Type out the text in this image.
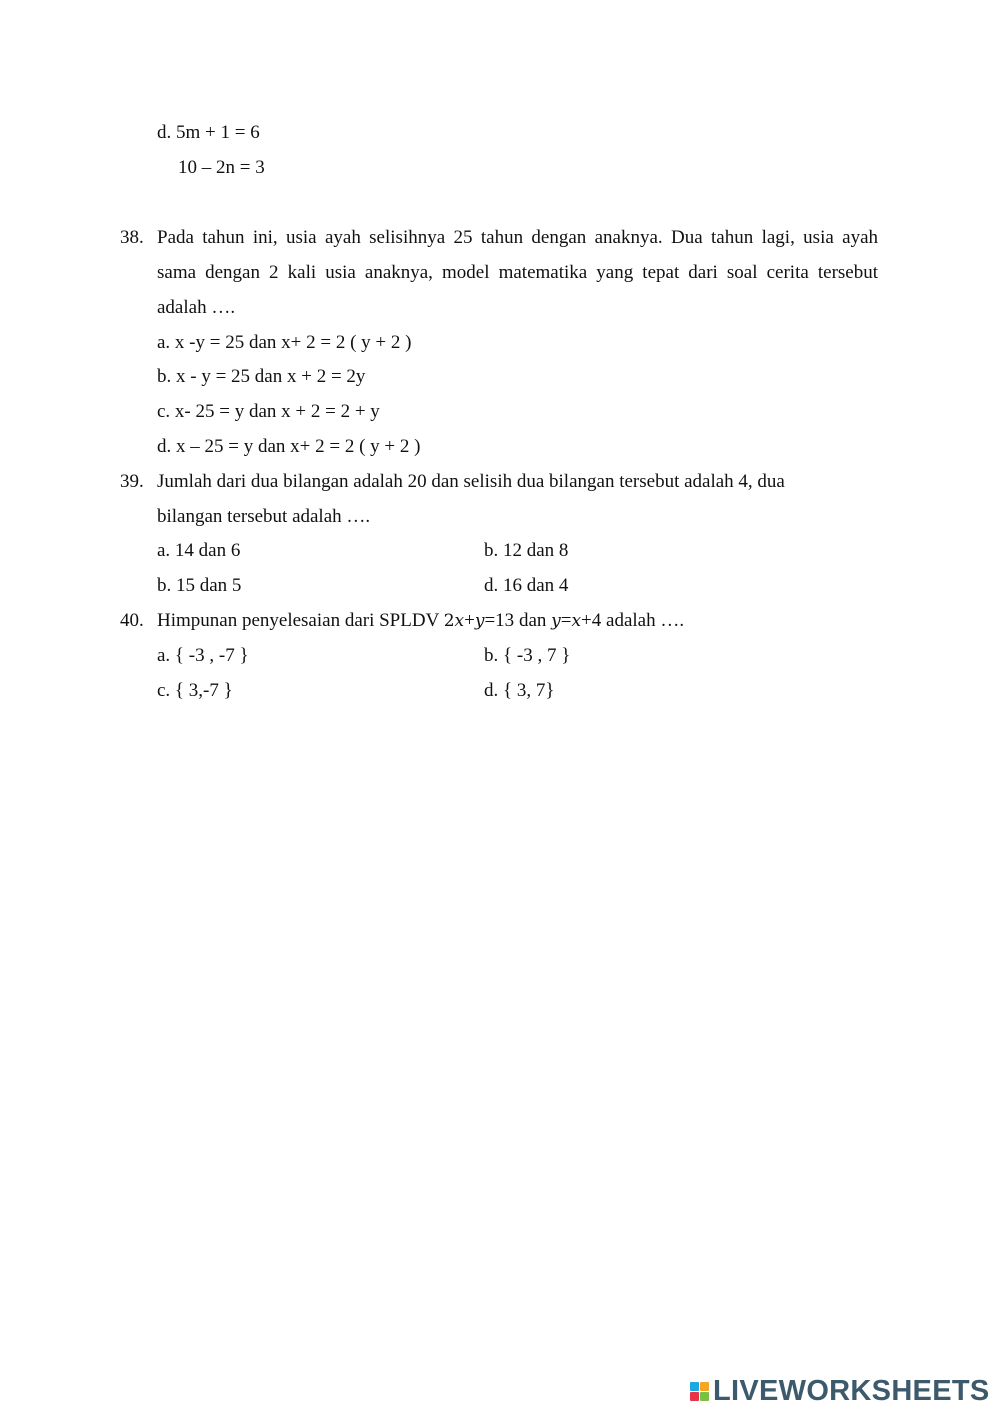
d. 5m + 1 = 6
10 – 2n = 3
38. Pada tahun ini, usia ayah selisihnya 25 tahun dengan anaknya. Dua tahun lagi, usia ayah
sama dengan 2 kali usia anaknya, model matematika yang tepat dari soal cerita tersebut
adalah ….
a. x -y = 25 dan x+ 2 = 2 ( y + 2 )
b. x - y = 25 dan x + 2 = 2y
c. x- 25 = y dan x + 2 = 2 + y
d. x – 25 = y dan x+ 2 = 2 ( y + 2 )
39. Jumlah dari dua bilangan adalah 20 dan selisih dua bilangan tersebut adalah 4, dua
bilangan tersebut adalah ….
a. 14 dan 6	b. 12 dan 8
b. 15 dan 5	d. 16 dan 4
40. Himpunan penyelesaian dari SPLDV 2x+y=13 dan y=x+4 adalah ….
a. { -3 , -7 }	b. { -3 , 7 }
c. { 3,-7 }	d. { 3, 7}
LIVEWORKSHEETS
